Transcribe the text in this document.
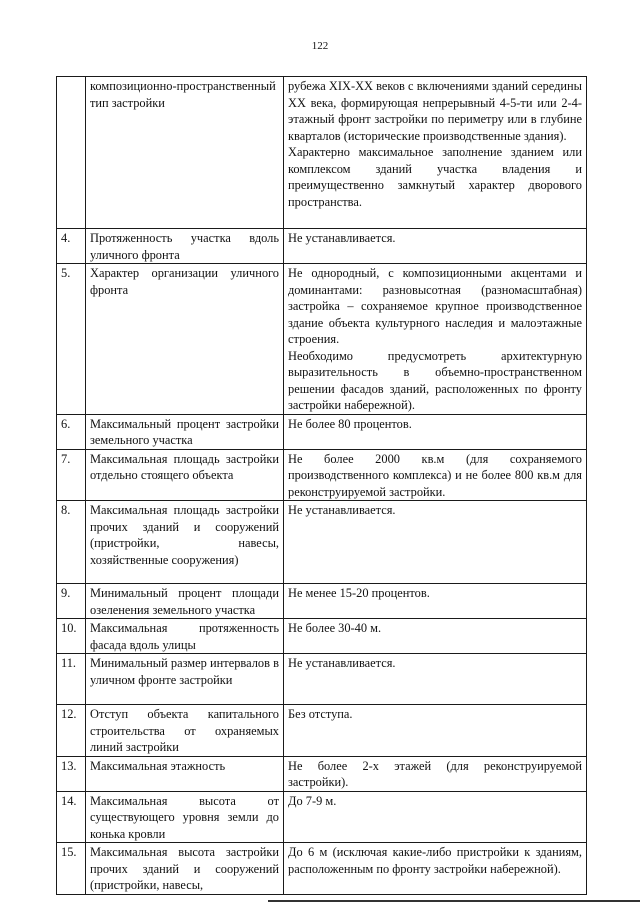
122
	композиционно-пространственный тип застройки	рубежа XIX-XX веков с включениями зданий середины XX века, формирующая непрерывный 4-5-ти или 2-4-этажный фронт застройки по периметру или в глубине кварталов (исторические производственные здания).
Характерно максимальное заполнение зданием или комплексом зданий участка владения и преимущественно замкнутый характер дворового пространства.

4.	Протяженность участка вдоль уличного фронта	Не устанавливается.

5.	Характер организации уличного фронта	Не однородный, с композиционными акцентами и доминантами: разновысотная (разномасштабная) застройка – сохраняемое крупное производственное здание объекта культурного наследия и малоэтажные строения.
Необходимо предусмотреть архитектурную выразительность в объемно-пространственном решении фасадов зданий, расположенных по фронту застройки набережной).

6.	Максимальный процент застройки земельного участка	Не более 80 процентов.

7.	Максимальная площадь застройки отдельно стоящего объекта	Не более 2000 кв.м (для сохраняемого производственного комплекса) и не более 800 кв.м для реконструируемой застройки.

8.	Максимальная площадь застройки прочих зданий и сооружений (пристройки, навесы, хозяйственные сооружения)	Не устанавливается.

9.	Минимальный процент площади озеленения земельного участка	Не менее 15-20 процентов.

10.	Максимальная протяженность фасада вдоль улицы	Не более 30-40 м.

11.	Минимальный размер интервалов в уличном фронте застройки	Не устанавливается.

12.	Отступ объекта капитального строительства от охраняемых линий застройки	Без отступа.

13.	Максимальная этажность	Не более 2-х этажей (для реконструируемой застройки).

14.	Максимальная высота от существующего уровня земли до конька кровли	До 7-9 м.

15.	Максимальная высота застройки прочих зданий и сооружений (пристройки, навесы,	До 6 м (исключая какие-либо пристройки к зданиям, расположенным по фронту застройки набережной).
